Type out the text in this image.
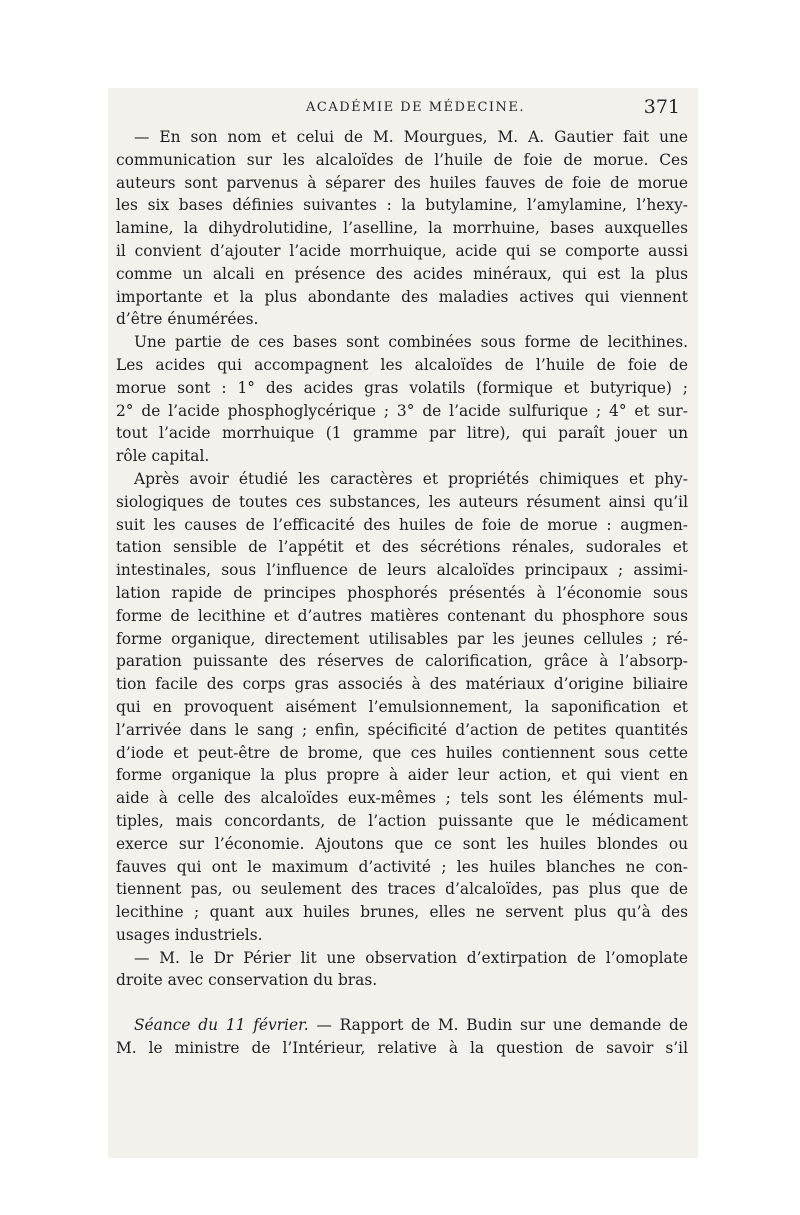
ACADÉMIE DE MÉDECINE.	371
— En son nom et celui de M. Mourgues, M. A. Gautier fait une
communication sur les alcaloïdes de l’huile de foie de morue. Ces
auteurs sont parvenus à séparer des huiles fauves de foie de morue
les six bases définies suivantes : la butylamine, l’amylamine, l’hexy-
lamine, la dihydrolutidine, l’aselline, la morrhuine, bases auxquelles
il convient d’ajouter l’acide morrhuique, acide qui se comporte aussi
comme un alcali en présence des acides minéraux, qui est la plus
importante et la plus abondante des maladies actives qui viennent
d’être énumérées.
Une partie de ces bases sont combinées sous forme de lecithines.
Les acides qui accompagnent les alcaloïdes de l’huile de foie de
morue sont : 1° des acides gras volatils (formique et butyrique) ;
2° de l’acide phosphoglycérique ; 3° de l’acide sulfurique ; 4° et sur-
tout l’acide morrhuique (1 gramme par litre), qui paraît jouer un
rôle capital.
Après avoir étudié les caractères et propriétés chimiques et phy-
siologiques de toutes ces substances, les auteurs résument ainsi qu’il
suit les causes de l’efficacité des huiles de foie de morue : augmen-
tation sensible de l’appétit et des sécrétions rénales, sudorales et
intestinales, sous l’influence de leurs alcaloïdes principaux ; assimi-
lation rapide de principes phosphorés présentés à l’économie sous
forme de lecithine et d’autres matières contenant du phosphore sous
forme organique, directement utilisables par les jeunes cellules ; ré-
paration puissante des réserves de calorification, grâce à l’absorp-
tion facile des corps gras associés à des matériaux d’origine biliaire
qui en provoquent aisément l’emulsionnement, la saponification et
l’arrivée dans le sang ; enfin, spécificité d’action de petites quantités
d’iode et peut-être de brome, que ces huiles contiennent sous cette
forme organique la plus propre à aider leur action, et qui vient en
aide à celle des alcaloïdes eux-mêmes ; tels sont les éléments mul-
tiples, mais concordants, de l’action puissante que le médicament
exerce sur l’économie. Ajoutons que ce sont les huiles blondes ou
fauves qui ont le maximum d’activité ; les huiles blanches ne con-
tiennent pas, ou seulement des traces d’alcaloïdes, pas plus que de
lecithine ; quant aux huiles brunes, elles ne servent plus qu’à des
usages industriels.
— M. le Dr Périer lit une observation d’extirpation de l’omoplate
droite avec conservation du bras.
Séance du 11 février. — Rapport de M. Budin sur une demande de
M. le ministre de l’Intérieur, relative à la question de savoir s’il
